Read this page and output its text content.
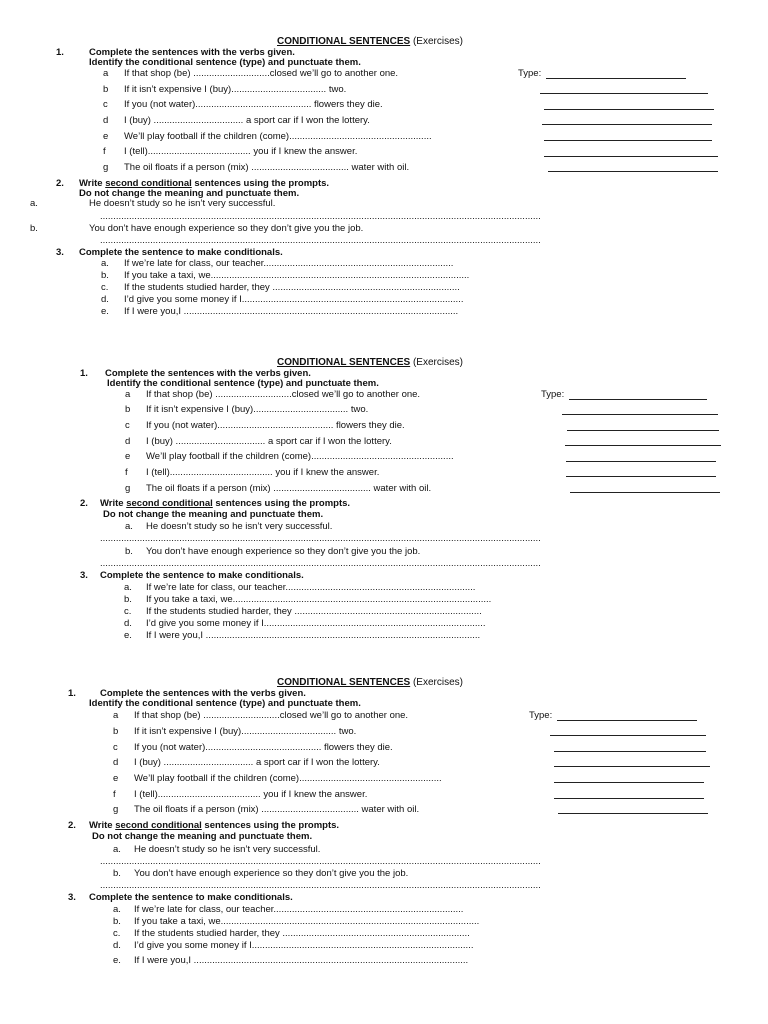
CONDITIONAL SENTENCES (Exercises)
1.	Complete the sentences with the verbs given.
Identify the conditional sentence (type) and punctuate them.
a If that shop (be) .............................closed we’ll go to another one.	Type:
b If it isn’t expensive I (buy).................................... two.
c If you (not water)............................................ flowers they die.
d I (buy) .................................. a sport car if I won the lottery.
e We’ll play football if the children (come)......................................................
f I (tell)....................................... you if I knew the answer.
g The oil floats if a person (mix) ..................................... water with oil.
2. Write second conditional sentences using the prompts.
Do not change the meaning and punctuate them.
a.	He doesn’t study so he isn’t very successful.
.......................................................................................................................................................................
b.	You don’t have enough experience so they don’t give you the job.
.......................................................................................................................................................................
3. Complete the sentence to make conditionals.
a. If we’re late for class, our teacher........................................................................
b. If you take a taxi, we..................................................................................................
c. If the students studied harder, they .......................................................................
d. I’d give you some money if I....................................................................................
e. If I were you,I ........................................................................................................
CONDITIONAL SENTENCES (Exercises)
1. Complete the sentences with the verbs given.
Identify the conditional sentence (type) and punctuate them.
a If that shop (be) .............................closed we’ll go to another one.	Type:
b If it isn’t expensive I (buy).................................... two.
c If you (not water)............................................ flowers they die.
d I (buy) .................................. a sport car if I won the lottery.
e We’ll play football if the children (come)......................................................
f I (tell)....................................... you if I knew the answer.
g The oil floats if a person (mix) ..................................... water with oil.
2. Write second conditional sentences using the prompts.
Do not change the meaning and punctuate them.
a. He doesn’t study so he isn’t very successful.
.......................................................................................................................................................................
b. You don’t have enough experience so they don’t give you the job.
.......................................................................................................................................................................
3. Complete the sentence to make conditionals.
a. If we’re late for class, our teacher........................................................................
b. If you take a taxi, we..................................................................................................
c. If the students studied harder, they .......................................................................
d. I’d give you some money if I....................................................................................
e. If I were you,I ........................................................................................................
CONDITIONAL SENTENCES (Exercises)
1.	Complete the sentences with the verbs given.
Identify the conditional sentence (type) and punctuate them.
a If that shop (be) .............................closed we’ll go to another one.	Type:
b If it isn’t expensive I (buy).................................... two.
c If you (not water)............................................ flowers they die.
d I (buy) .................................. a sport car if I won the lottery.
e We’ll play football if the children (come)......................................................
f I (tell)....................................... you if I knew the answer.
g The oil floats if a person (mix) ..................................... water with oil.
2. Write second conditional sentences using the prompts.
Do not change the meaning and punctuate them.
a. He doesn’t study so he isn’t very successful.
.......................................................................................................................................................................
b. You don’t have enough experience so they don’t give you the job.
.......................................................................................................................................................................
3. Complete the sentence to make conditionals.
a. If we’re late for class, our teacher........................................................................
b. If you take a taxi, we..................................................................................................
c. If the students studied harder, they .......................................................................
d. I’d give you some money if I....................................................................................
e. If I were you,I ........................................................................................................
